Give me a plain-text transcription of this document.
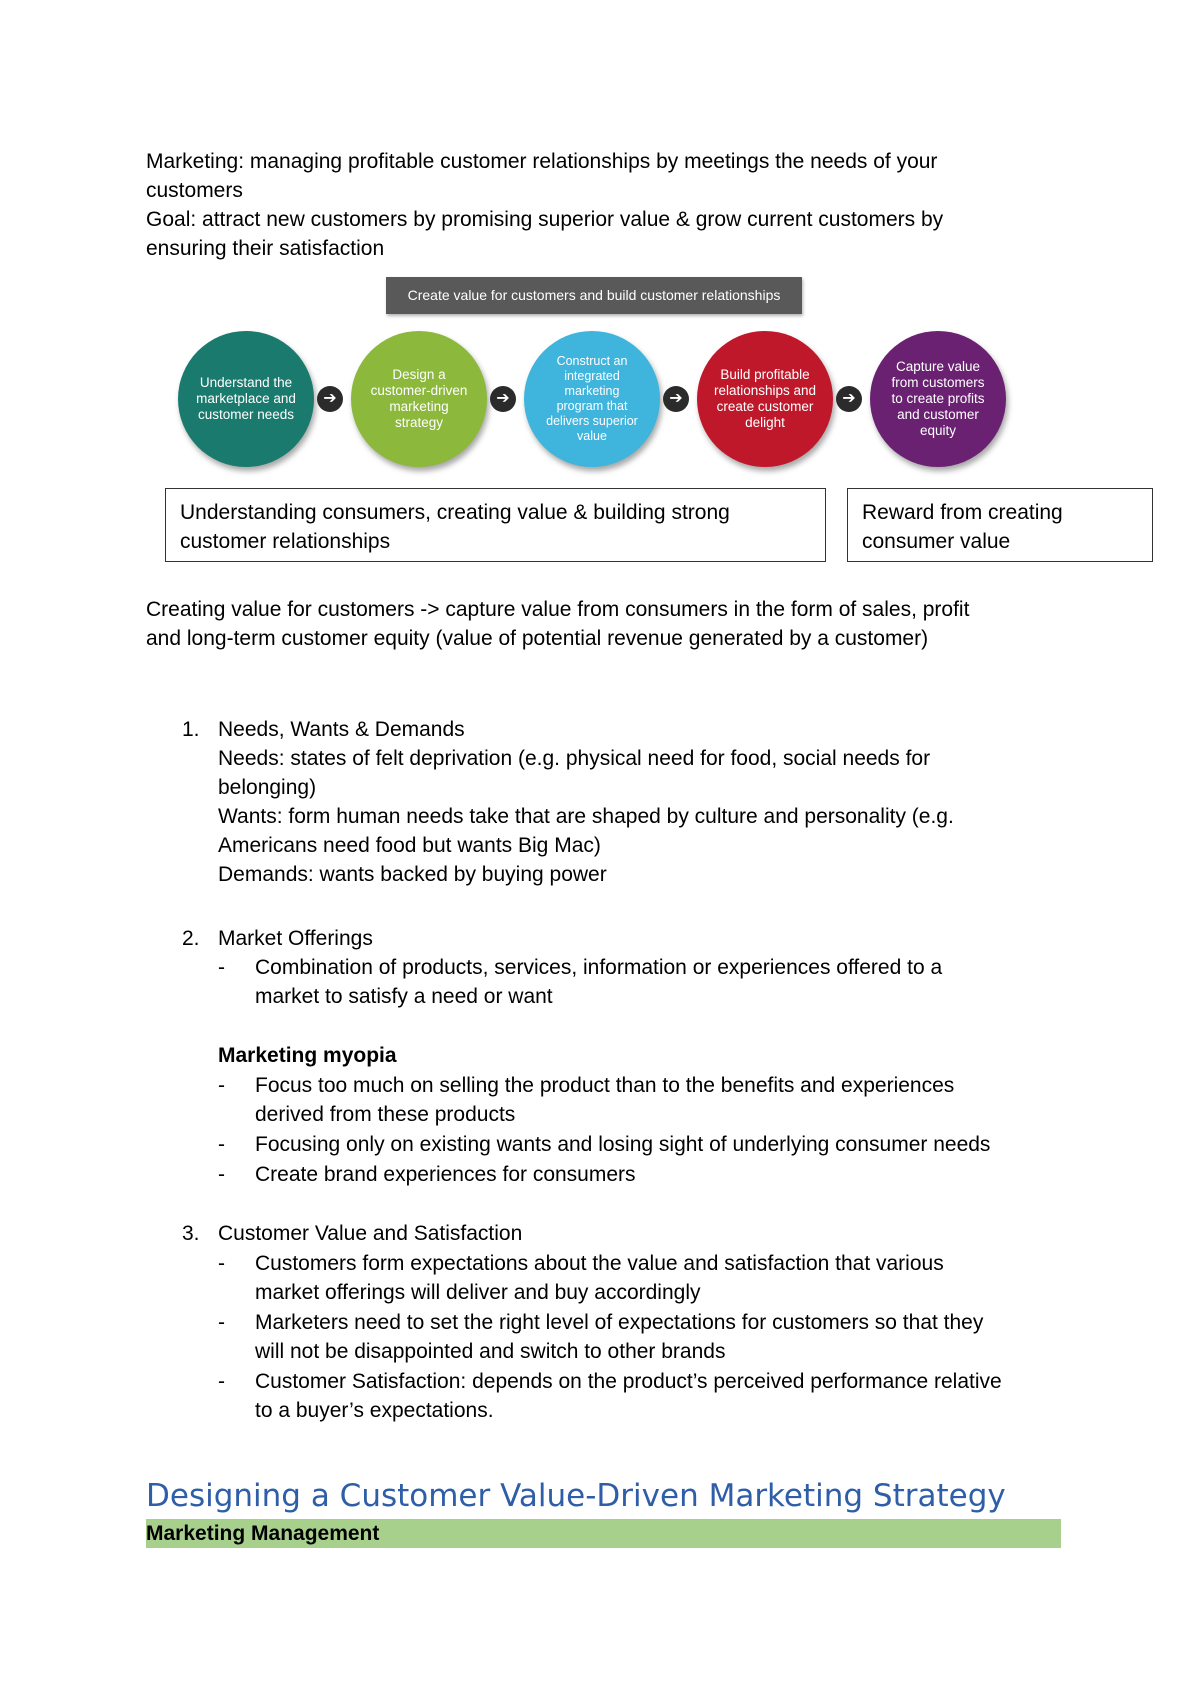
Marketing: managing profitable customer relationships by meetings the needs of your

customers

Goal: attract new customers by promising superior value & grow current customers by

ensuring their satisfaction

Create value for customers and build customer relationships
Understand the marketplace and customer needs
➔
Design a customer-driven marketing strategy
➔
Construct an integrated marketing program that delivers superior value
➔
Build profitable relationships and create customer delight
➔
Capture value from customers to create profits and customer equity

Understanding consumers, creating value & building strong

customer relationships

Reward from creating

consumer value

Creating value for customers -> capture value from consumers in the form of sales, profit

and long-term customer equity (value of potential revenue generated by a customer)

1. Needs, Wants & Demands

Needs: states of felt deprivation (e.g. physical need for food, social needs for

belonging)

Wants: form human needs take that are shaped by culture and personality (e.g.

Americans need food but wants Big Mac)

Demands: wants backed by buying power

2. Market Offerings
- Combination of products, services, information or experiences offered to a

market to satisfy a need or want

Marketing myopia
- Focus too much on selling the product than to the benefits and experiences

derived from these products

- Focusing only on existing wants and losing sight of underlying consumer needs
- Create brand experiences for consumers
3. Customer Value and Satisfaction
- Customers form expectations about the value and satisfaction that various

market offerings will deliver and buy accordingly

- Marketers need to set the right level of expectations for customers so that they

will not be disappointed and switch to other brands

- Customer Satisfaction: depends on the product’s perceived performance relative

to a buyer’s expectations.

Designing a Customer Value-Driven Marketing Strategy
Marketing Management
